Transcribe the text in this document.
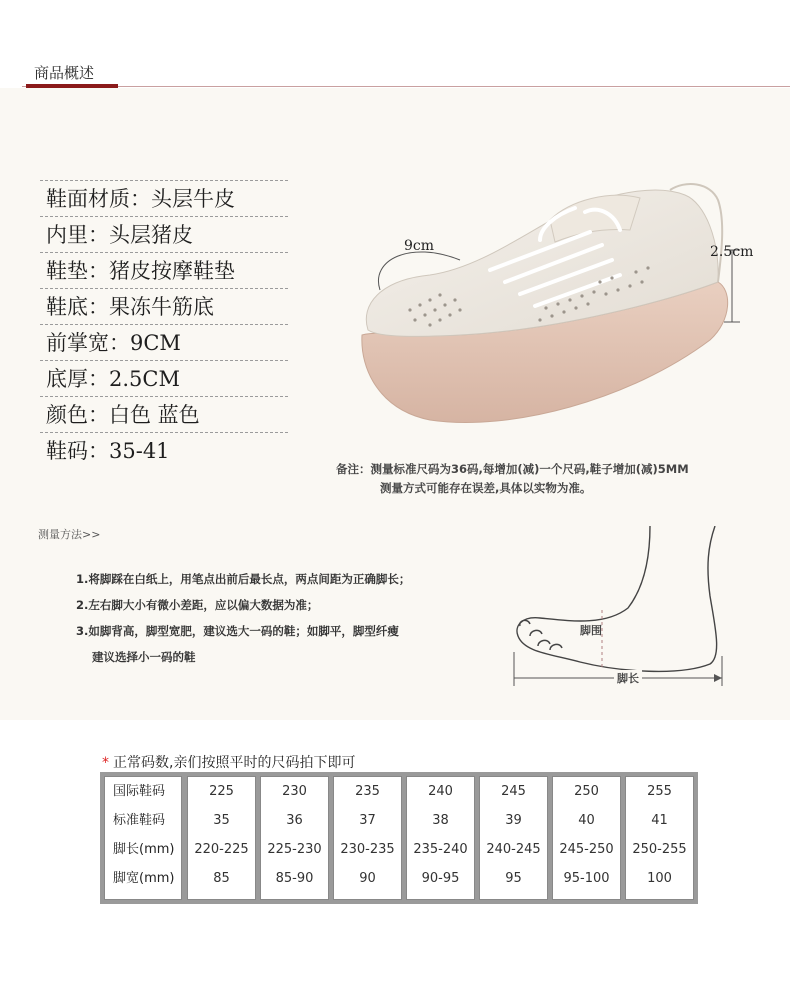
商品概述
鞋面材质：头层牛皮
内里：头层猪皮
鞋垫：猪皮按摩鞋垫
鞋底：果冻牛筋底
前掌宽：9CM
底厚：2.5CM
颜色：白色 蓝色
鞋码：35-41
9cm	2.5cm
备注：测量标准尺码为36码,每增加(减)一个尺码,鞋子增加(减)5MM
测量方式可能存在误差,具体以实物为准。
测量方法>>
1.将脚踩在白纸上，用笔点出前后最长点，两点间距为正确脚长；
2.左右脚大小有微小差距，应以偏大数据为准；
3.如脚背高，脚型宽肥，建议选大一码的鞋；如脚平，脚型纤瘦
建议选择小一码的鞋
脚围
脚长
* 正常码数,亲们按照平时的尺码拍下即可
国际鞋码
标准鞋码
脚长(mm)
脚宽(mm)
225
35
220-225
85
230
36
225-230
85-90
235
37
230-235
90
240
38
235-240
90-95
245
39
240-245
95
250
40
245-250
95-100
255
41
250-255
100
